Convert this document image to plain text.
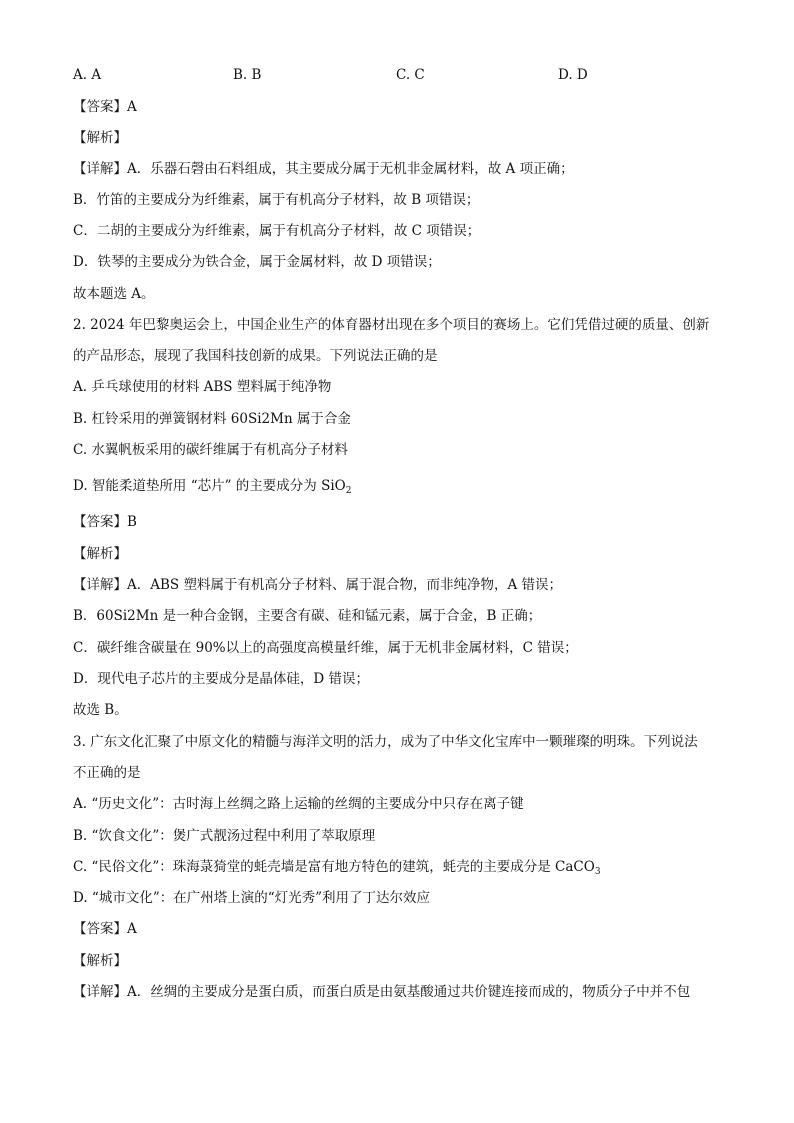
A. A	B. B	C. C	D. D
【答案】A
【解析】
【详解】A．乐器石磬由石料组成，其主要成分属于无机非金属材料，故 A 项正确；
B．竹笛的主要成分为纤维素，属于有机高分子材料，故 B 项错误；
C．二胡的主要成分为纤维素，属于有机高分子材料，故 C 项错误；
D．铁琴的主要成分为铁合金，属于金属材料，故 D 项错误；
故本题选 A。
2. 2024 年巴黎奥运会上，中国企业生产的体育器材出现在多个项目的赛场上。它们凭借过硬的质量、创新
的产品形态，展现了我国科技创新的成果。下列说法正确的是
A. 乒乓球使用的材料 ABS 塑料属于纯净物
B. 杠铃采用的弹簧钢材料 60Si2Mn 属于合金
C. 水翼帆板采用的碳纤维属于有机高分子材料
D. 智能柔道垫所用 “芯片” 的主要成分为 SiO$_2$
【答案】B
【解析】
【详解】A．ABS 塑料属于有机高分子材料、属于混合物，而非纯净物，A 错误；
B．60Si2Mn 是一种合金钢，主要含有碳、硅和锰元素，属于合金，B 正确；
C．碳纤维含碳量在 90%以上的高强度高模量纤维，属于无机非金属材料，C 错误；
D．现代电子芯片的主要成分是晶体硅，D 错误；
故选 B。
3. 广东文化汇聚了中原文化的精髓与海洋文明的活力，成为了中华文化宝库中一颗璀璨的明珠。下列说法
不正确的是
A. “历史文化”：古时海上丝绸之路上运输的丝绸的主要成分中只存在离子键
B. “饮食文化”：煲广式靓汤过程中利用了萃取原理
C. “民俗文化”：珠海菉猗堂的蚝壳墙是富有地方特色的建筑，蚝壳的主要成分是 CaCO$_3$
D. “城市文化”：在广州塔上演的“灯光秀”利用了丁达尔效应
【答案】A
【解析】
【详解】A．丝绸的主要成分是蛋白质，而蛋白质是由氨基酸通过共价键连接而成的，物质分子中并不包
